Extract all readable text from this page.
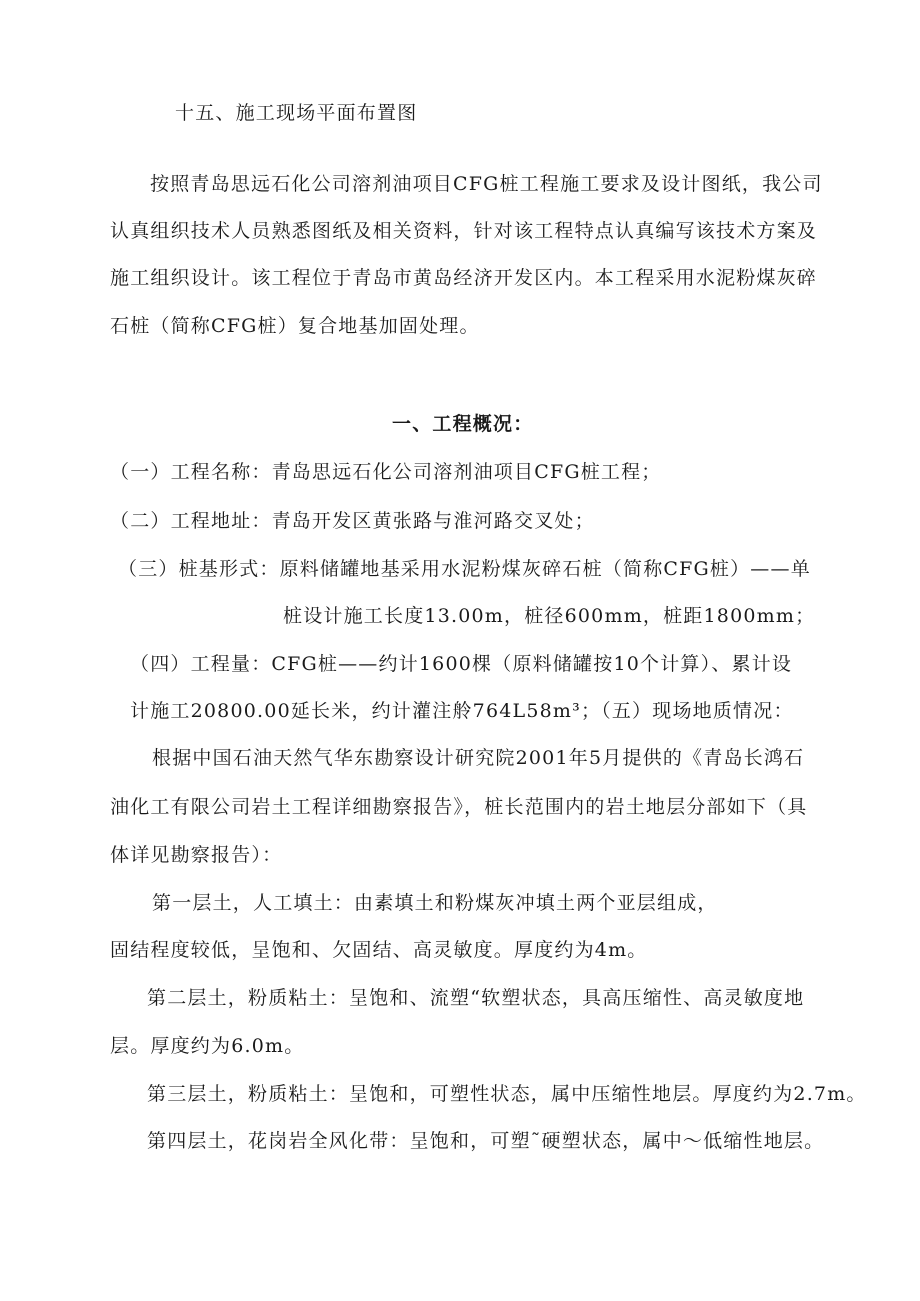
十五、施工现场平面布置图
按照青岛思远石化公司溶剂油项目CFG桩工程施工要求及设计图纸，我公司
认真组织技术人员熟悉图纸及相关资料，针对该工程特点认真编写该技术方案及
施工组织设计。该工程位于青岛市黄岛经济开发区内。本工程采用水泥粉煤灰碎
石桩（简称CFG桩）复合地基加固处理。
一、工程概况：
（一）工程名称：青岛思远石化公司溶剂油项目CFG桩工程；
（二）工程地址：青岛开发区黄张路与淮河路交叉处；
（三）桩基形式：原料储罐地基采用水泥粉煤灰碎石桩（简称CFG桩）——单
桩设计施工长度13.00m，桩径600mm，桩距1800mm；
（四）工程量：CFG桩——约计1600棵（原料储罐按10个计算）、累计设
计施工20800.00延长米，约计灌注舲764L58m³；（五）现场地质情况：
根据中国石油天然气华东勘察设计研究院2001年5月提供的《青岛长鸿石
油化工有限公司岩土工程详细勘察报告》，桩长范围内的岩土地层分部如下（具
体详见勘察报告）：
第一层土，人工填土：由素填土和粉煤灰冲填土两个亚层组成，
固结程度较低，呈饱和、欠固结、高灵敏度。厚度约为4m。
第二层土，粉质粘土：呈饱和、流塑“软塑状态，具高压缩性、高灵敏度地
层。厚度约为6.0m。
第三层土，粉质粘土：呈饱和，可塑性状态，属中压缩性地层。厚度约为2.7m。
第四层土，花岗岩全风化带：呈饱和，可塑˜硬塑状态，属中～低缩性地层。
